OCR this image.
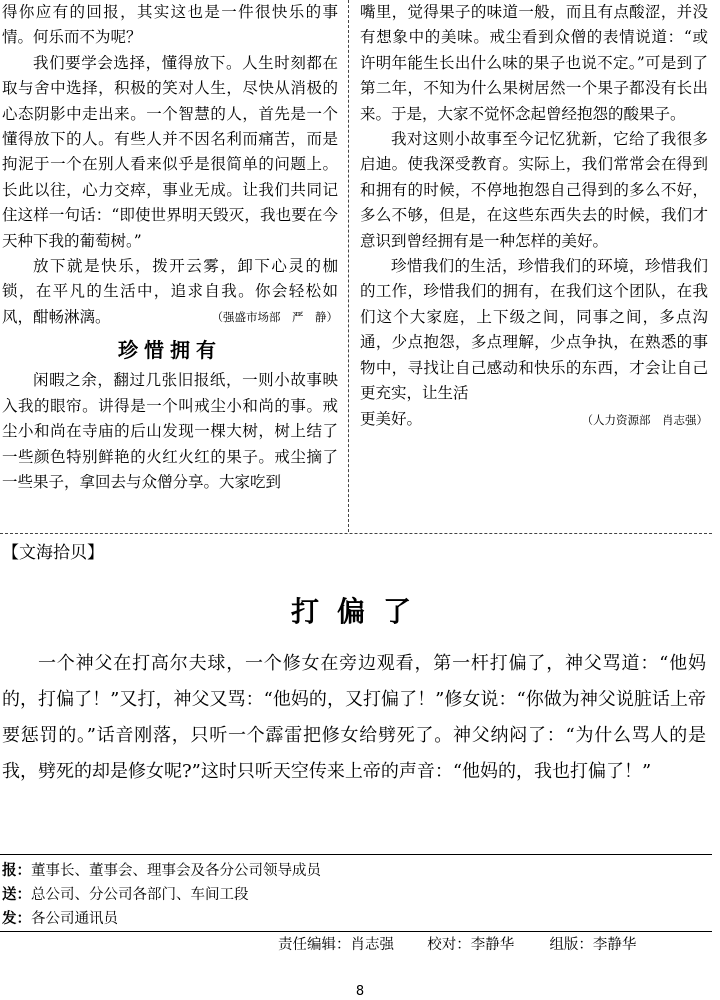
得你应有的回报，其实这也是一件很快乐的事情。何乐而不为呢？

我们要学会选择，懂得放下。人生时刻都在取与舍中选择，积极的笑对人生，尽快从消极的心态阴影中走出来。一个智慧的人，首先是一个懂得放下的人。有些人并不因名利而痛苦，而是拘泥于一个在别人看来似乎是很简单的问题上。长此以往，心力交瘁，事业无成。让我们共同记住这样一句话：“即使世界明天毁灭，我也要在今天种下我的葡萄树。”

放下就是快乐，拨开云雾，卸下心灵的枷锁，在平凡的生活中，追求自我。你会轻松如风，酣畅淋漓。	（强盛市场部　严　静）

珍惜拥有

闲暇之余，翻过几张旧报纸，一则小故事映入我的眼帘。讲得是一个叫戒尘小和尚的事。戒尘小和尚在寺庙的后山发现一棵大树，树上结了一些颜色特别鲜艳的火红火红的果子。戒尘摘了一些果子，拿回去与众僧分享。大家吃到

嘴里，觉得果子的味道一般，而且有点酸涩，并没有想象中的美味。戒尘看到众僧的表情说道：“或许明年能生长出什么味的果子也说不定。”可是到了第二年，不知为什么果树居然一个果子都没有长出来。于是，大家不觉怀念起曾经抱怨的酸果子。

我对这则小故事至今记忆犹新，它给了我很多启迪。使我深受教育。实际上，我们常常会在得到和拥有的时候，不停地抱怨自己得到的多么不好，多么不够，但是，在这些东西失去的时候，我们才意识到曾经拥有是一种怎样的美好。

珍惜我们的生活，珍惜我们的环境，珍惜我们的工作，珍惜我们的拥有，在我们这个团队，在我们这个大家庭，上下级之间，同事之间，多点沟通，少点抱怨，多点理解，少点争执，在熟悉的事物中，寻找让自己感动和快乐的东西，才会让自己更充实，让生活

更美好。	（人力资源部　肖志强）
【文海拾贝】
打偏了

一个神父在打高尔夫球，一个修女在旁边观看，第一杆打偏了，神父骂道：“他妈的，打偏了！”又打，神父又骂：“他妈的，又打偏了！”修女说：“你做为神父说脏话上帝要惩罚的。”话音刚落，只听一个霹雷把修女给劈死了。神父纳闷了：“为什么骂人的是我，劈死的却是修女呢?”这时只听天空传来上帝的声音：“他妈的，我也打偏了！”

报：董事长、董事会、理事会及各分公司领导成员
送：总公司、分公司各部门、车间工段
发：各公司通讯员
责任编辑：肖志强 校对：李静华 组版：李静华
8
